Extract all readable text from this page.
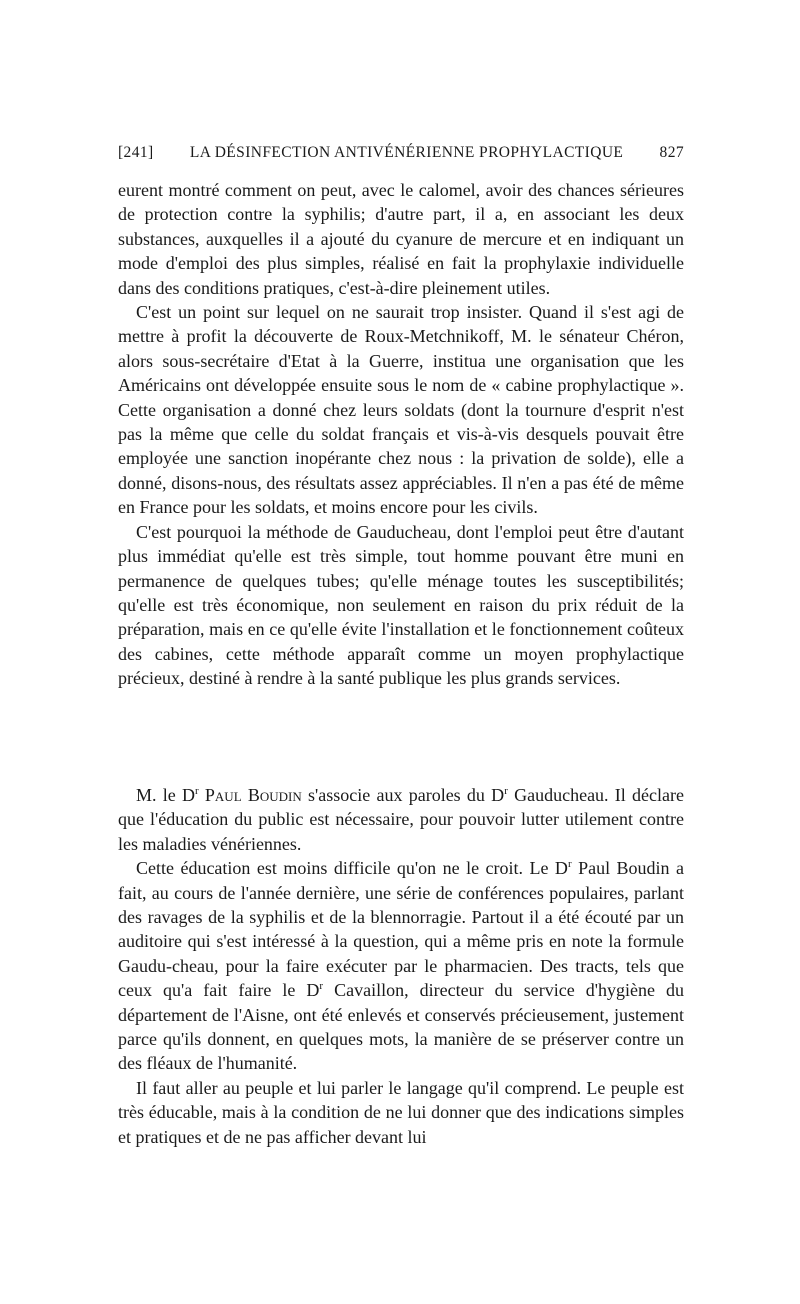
[241] LA DÉSINFECTION ANTIVÉNÉRIENNE PROPHYLACTIQUE 827

eurent montré comment on peut, avec le calomel, avoir des chances sérieures de protection contre la syphilis; d'autre part, il a, en associant les deux substances, auxquelles il a ajouté du cyanure de mercure et en indiquant un mode d'emploi des plus simples, réalisé en fait la prophylaxie individuelle dans des conditions pratiques, c'est-à-dire pleinement utiles.

C'est un point sur lequel on ne saurait trop insister. Quand il s'est agi de mettre à profit la découverte de Roux-Metchnikoff, M. le sénateur Chéron, alors sous-secrétaire d'Etat à la Guerre, institua une organisation que les Américains ont développée ensuite sous le nom de « cabine prophylactique ». Cette organisation a donné chez leurs soldats (dont la tournure d'esprit n'est pas la même que celle du soldat français et vis-à-vis desquels pouvait être employée une sanction inopérante chez nous : la privation de solde), elle a donné, disons-nous, des résultats assez appréciables. Il n'en a pas été de même en France pour les soldats, et moins encore pour les civils.

C'est pourquoi la méthode de Gauducheau, dont l'emploi peut être d'autant plus immédiat qu'elle est très simple, tout homme pouvant être muni en permanence de quelques tubes; qu'elle ménage toutes les susceptibilités; qu'elle est très économique, non seulement en raison du prix réduit de la préparation, mais en ce qu'elle évite l'installation et le fonctionnement coûteux des cabines, cette méthode apparaît comme un moyen prophylactique précieux, destiné à rendre à la santé publique les plus grands services.

M. le $D^r$ Paul Boudin s'associe aux paroles du $D^r$ Gauducheau. Il déclare que l'éducation du public est nécessaire, pour pouvoir lutter utilement contre les maladies vénériennes.

Cette éducation est moins difficile qu'on ne le croit. Le $D^r$ Paul Boudin a fait, au cours de l'année dernière, une série de conférences populaires, parlant des ravages de la syphilis et de la blennorragie. Partout il a été écouté par un auditoire qui s'est intéressé à la question, qui a même pris en note la formule Gaudu-cheau, pour la faire exécuter par le pharmacien. Des tracts, tels que ceux qu'a fait faire le $D^r$ Cavaillon, directeur du service d'hygiène du département de l'Aisne, ont été enlevés et conservés précieusement, justement parce qu'ils donnent, en quelques mots, la manière de se préserver contre un des fléaux de l'humanité.

Il faut aller au peuple et lui parler le langage qu'il comprend. Le peuple est très éducable, mais à la condition de ne lui donner que des indications simples et pratiques et de ne pas afficher devant lui
